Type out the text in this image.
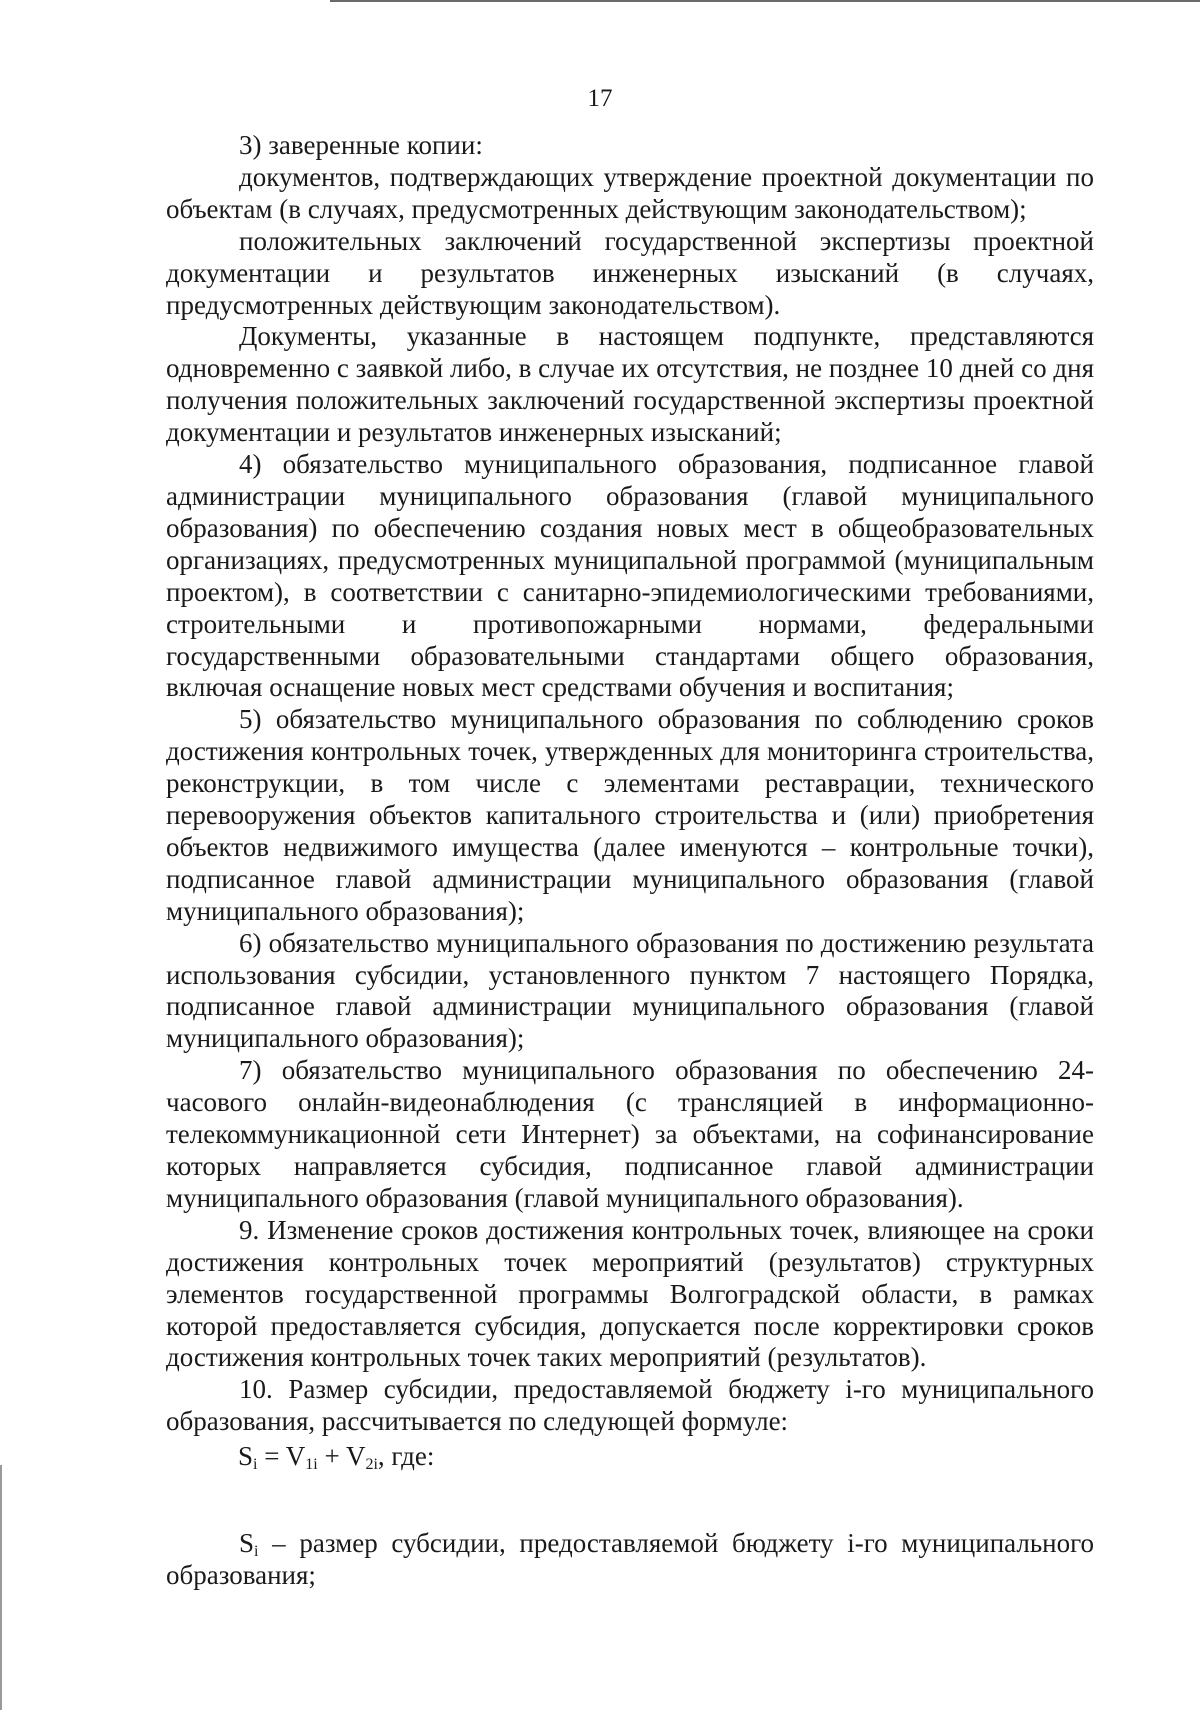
17

3) заверенные копии:

документов, подтверждающих утверждение проектной документации по объектам (в случаях, предусмотренных действующим законодательством);

положительных заключений государственной экспертизы проектной документации и результатов инженерных изысканий (в случаях, предусмотренных действующим законодательством).

Документы, указанные в настоящем подпункте, представляются одновременно с заявкой либо, в случае их отсутствия, не позднее 10 дней со дня получения положительных заключений государственной экспертизы проектной документации и результатов инженерных изысканий;

4) обязательство муниципального образования, подписанное главой администрации муниципального образования (главой муниципального образования) по обеспечению создания новых мест в общеобразовательных организациях, предусмотренных муниципальной программой (муниципальным проектом), в соответствии с санитарно-эпидемиологическими требованиями, строительными и противопожарными нормами, федеральными государственными образовательными стандартами общего образования, включая оснащение новых мест средствами обучения и воспитания;

5) обязательство муниципального образования по соблюдению сроков достижения контрольных точек, утвержденных для мониторинга строительства, реконструкции, в том числе с элементами реставрации, технического перевооружения объектов капитального строительства и (или) приобретения объектов недвижимого имущества (далее именуются – контрольные точки), подписанное главой администрации муниципального образования (главой муниципального образования);

6) обязательство муниципального образования по достижению результата использования субсидии, установленного пунктом 7 настоящего Порядка, подписанное главой администрации муниципального образования (главой муниципального образования);

7) обязательство муниципального образования по обеспечению 24-часового онлайн-видеонаблюдения (с трансляцией в информационно-телекоммуникационной сети Интернет) за объектами, на софинансирование которых направляется субсидия, подписанное главой администрации муниципального образования (главой муниципального образования).

9. Изменение сроков достижения контрольных точек, влияющее на сроки достижения контрольных точек мероприятий (результатов) структурных элементов государственной программы Волгоградской области, в рамках которой предоставляется субсидия, допускается после корректировки сроков достижения контрольных точек таких мероприятий (результатов).

10. Размер субсидии, предоставляемой бюджету i-го муниципального образования, рассчитывается по следующей формуле:

$S_i = V_{1i} + V_{2i}$, где:

$S_i$ – размер субсидии, предоставляемой бюджету i-го муниципального образования;
